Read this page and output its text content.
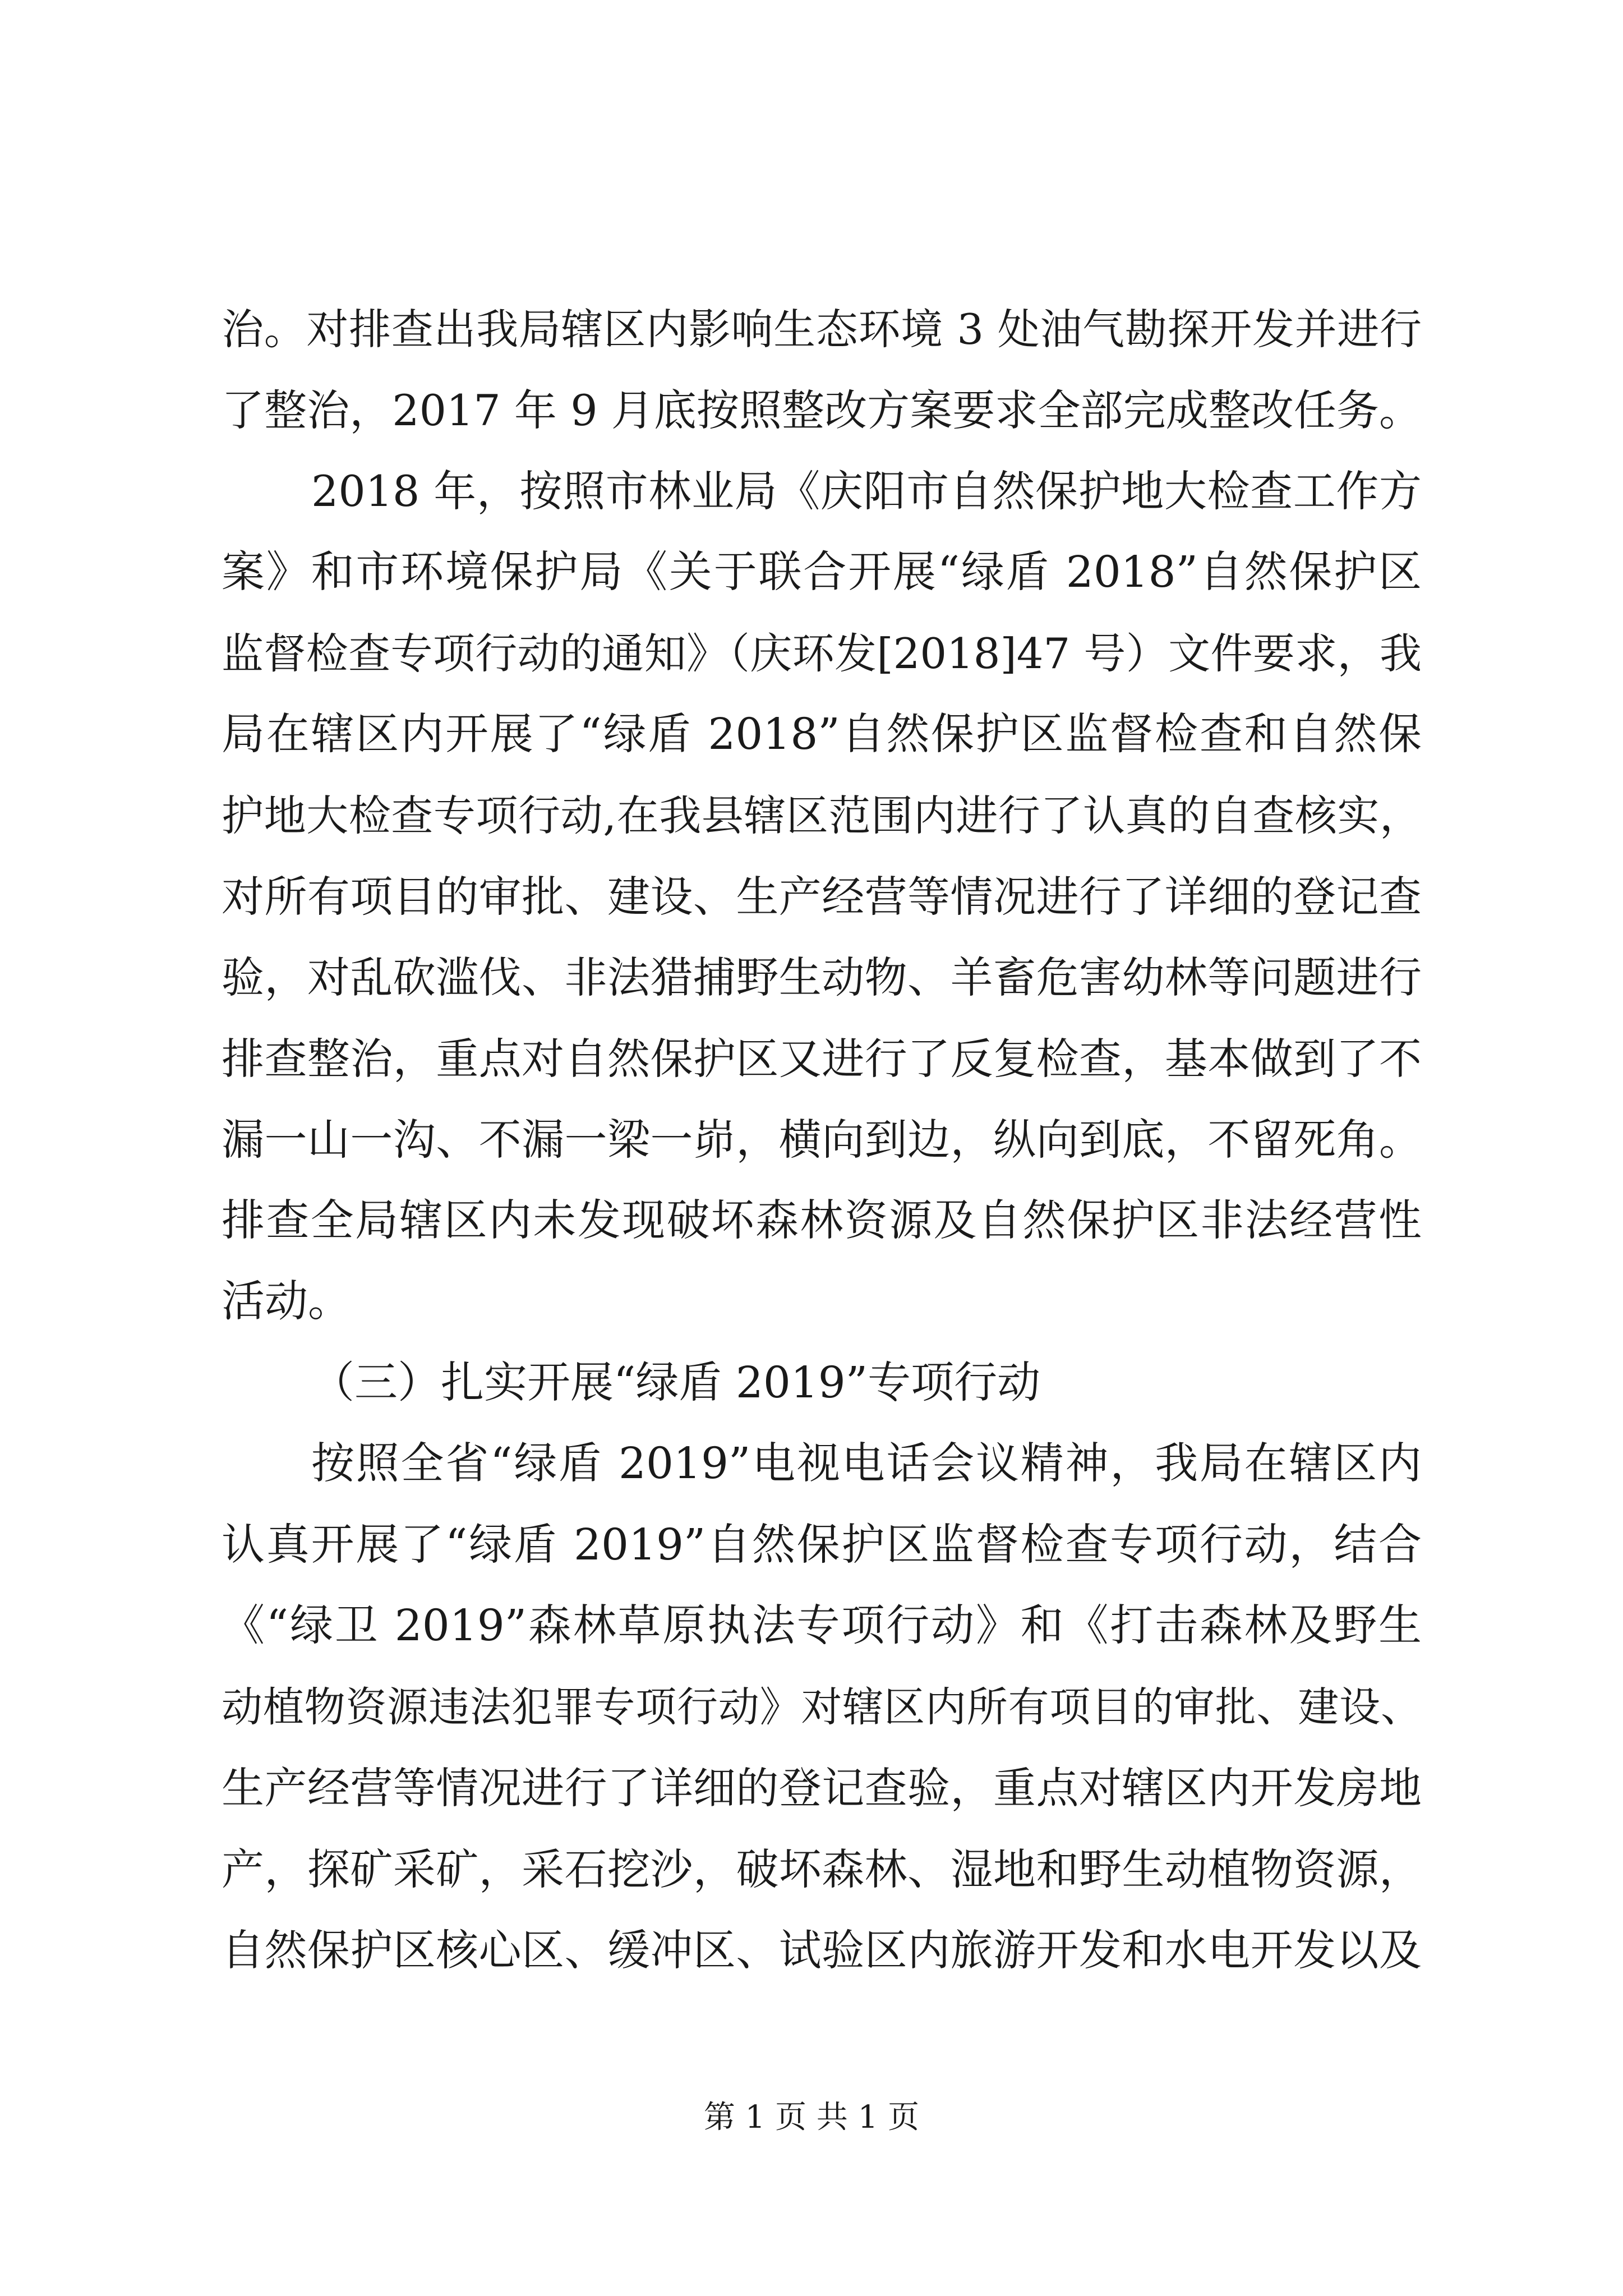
治。对排查出我局辖区内影响生态环境 3 处油气勘探开发并进行
了整治，2017 年 9 月底按照整改方案要求全部完成整改任务。
2018 年，按照市林业局《庆阳市自然保护地大检查工作方
案》和市环境保护局《关于联合开展“绿盾 2018”自然保护区
监督检查专项行动的通知》（庆环发[2018]47 号）文件要求，我
局在辖区内开展了“绿盾 2018”自然保护区监督检查和自然保
护地大检查专项行动,在我县辖区范围内进行了认真的自查核实，
对所有项目的审批、建设、生产经营等情况进行了详细的登记查
验，对乱砍滥伐、非法猎捕野生动物、羊畜危害幼林等问题进行
排查整治，重点对自然保护区又进行了反复检查，基本做到了不
漏一山一沟、不漏一梁一峁，横向到边，纵向到底，不留死角。
排查全局辖区内未发现破坏森林资源及自然保护区非法经营性
活动。
（三）扎实开展“绿盾 2019”专项行动
按照全省“绿盾 2019”电视电话会议精神，我局在辖区内
认真开展了“绿盾 2019”自然保护区监督检查专项行动，结合
《“绿卫 2019”森林草原执法专项行动》和《打击森林及野生
动植物资源违法犯罪专项行动》对辖区内所有项目的审批、建设、
生产经营等情况进行了详细的登记查验，重点对辖区内开发房地
产，探矿采矿，采石挖沙，破坏森林、湿地和野生动植物资源，
自然保护区核心区、缓冲区、试验区内旅游开发和水电开发以及
第 1 页 共 1 页
